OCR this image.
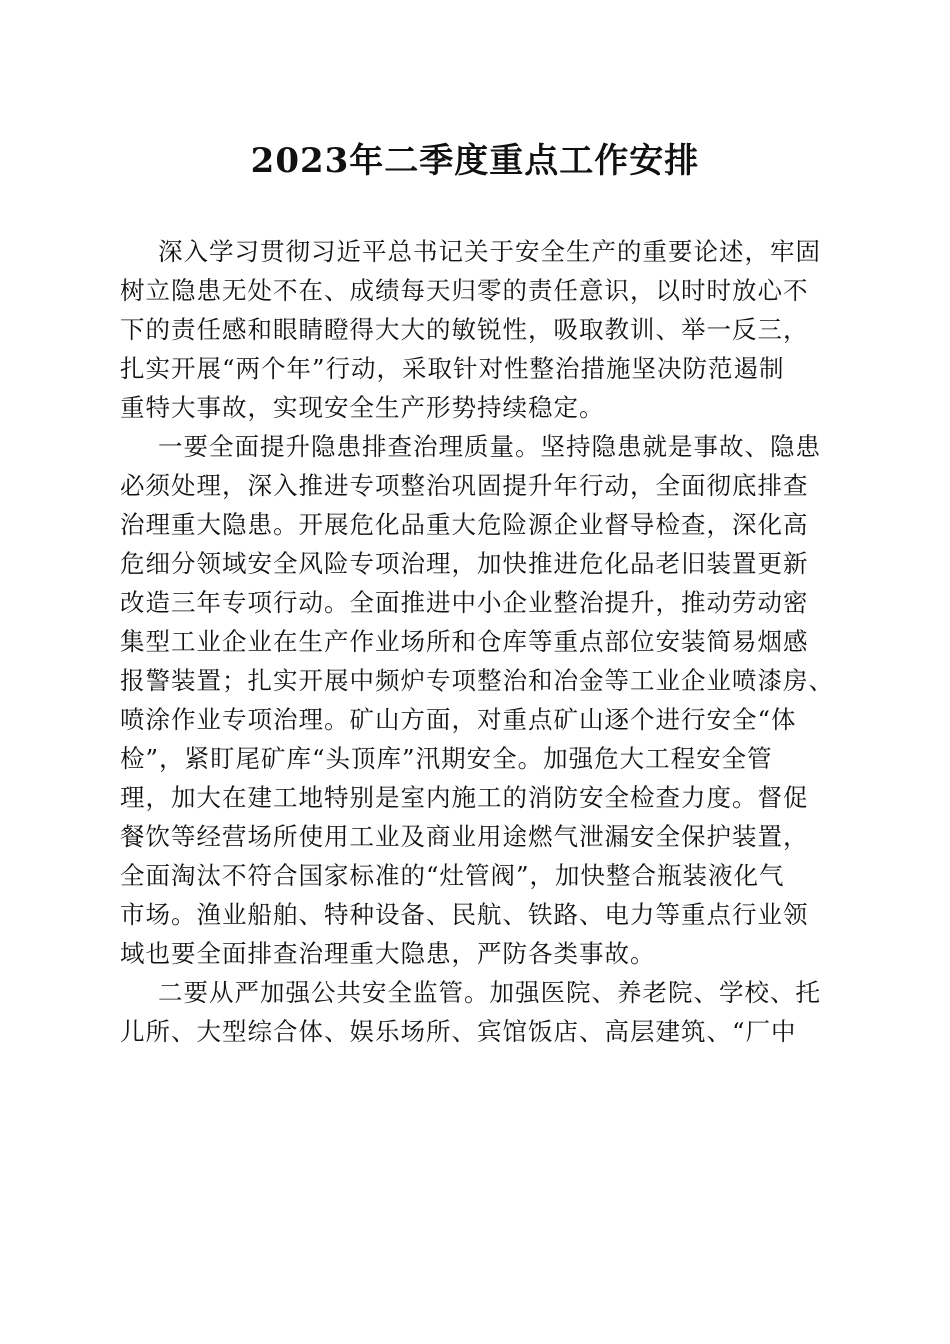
2023年二季度重点工作安排
深入学习贯彻习近平总书记关于安全生产的重要论述，牢固
树立隐患无处不在、成绩每天归零的责任意识，以时时放心不
下的责任感和眼睛瞪得大大的敏锐性，吸取教训、举一反三，
扎实开展“两个年”行动，采取针对性整治措施坚决防范遏制
重特大事故，实现安全生产形势持续稳定。
一要全面提升隐患排查治理质量。坚持隐患就是事故、隐患
必须处理，深入推进专项整治巩固提升年行动，全面彻底排查
治理重大隐患。开展危化品重大危险源企业督导检查，深化高
危细分领域安全风险专项治理，加快推进危化品老旧装置更新
改造三年专项行动。全面推进中小企业整治提升，推动劳动密
集型工业企业在生产作业场所和仓库等重点部位安装简易烟感
报警装置；扎实开展中频炉专项整治和冶金等工业企业喷漆房、
喷涂作业专项治理。矿山方面，对重点矿山逐个进行安全“体
检”，紧盯尾矿库“头顶库”汛期安全。加强危大工程安全管
理，加大在建工地特别是室内施工的消防安全检查力度。督促
餐饮等经营场所使用工业及商业用途燃气泄漏安全保护装置，
全面淘汰不符合国家标准的“灶管阀”，加快整合瓶装液化气
市场。渔业船舶、特种设备、民航、铁路、电力等重点行业领
域也要全面排查治理重大隐患，严防各类事故。
二要从严加强公共安全监管。加强医院、养老院、学校、托
儿所、大型综合体、娱乐场所、宾馆饭店、高层建筑、“厂中
